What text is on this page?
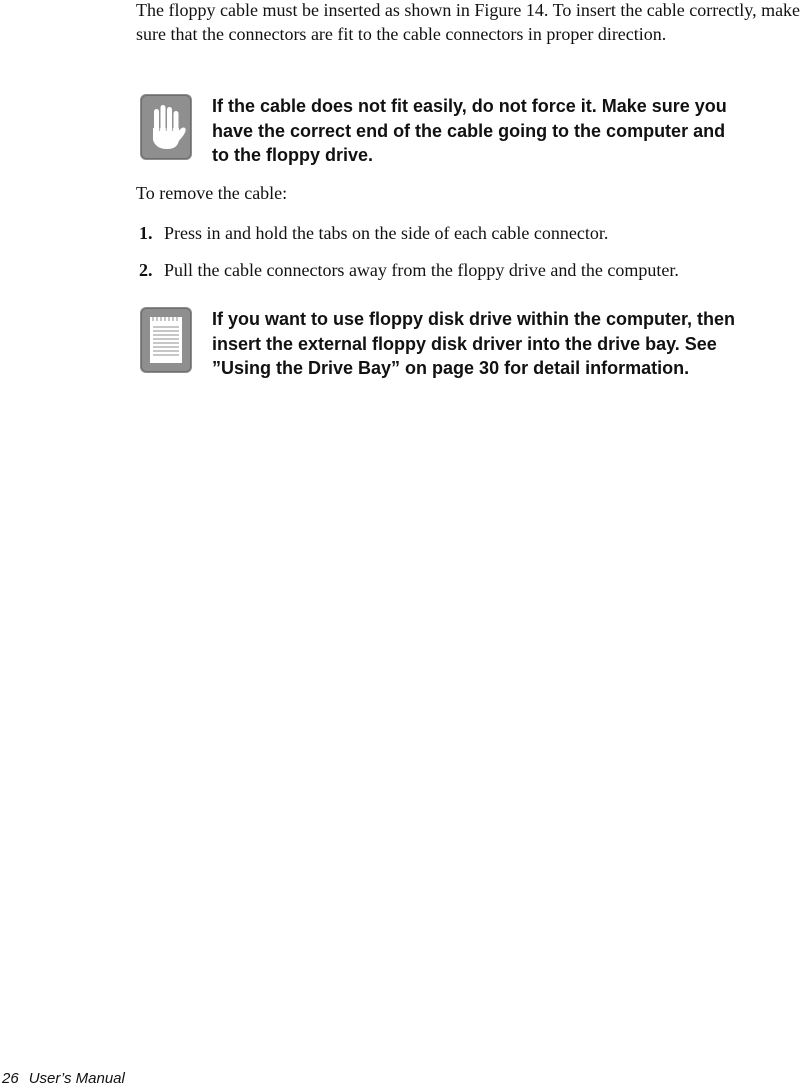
The floppy cable must be inserted as shown in Figure 14. To insert the cable correctly, make sure that the connectors are fit to the cable connectors in proper direction.

If the cable does not fit easily, do not force it. Make sure you
have the correct end of the cable going to the computer and
to the floppy drive.

To remove the cable:

1. Press in and hold the tabs on the side of each cable connector.
2. Pull the cable connectors away from the floppy drive and the computer.

If you want to use floppy disk drive within the computer, then
insert the external floppy disk driver into the drive bay. See
”Using the Drive Bay” on page 30 for detail information.

26 User’s Manual
